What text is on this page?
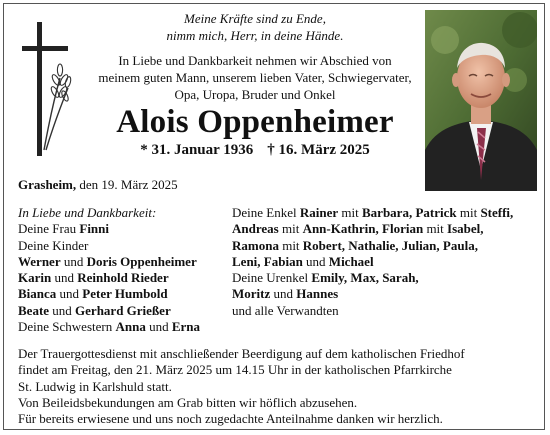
Meine Kräfte sind zu Ende,
nimm mich, Herr, in deine Hände.
In Liebe und Dankbarkeit nehmen wir Abschied von
meinem guten Mann, unserem lieben Vater, Schwiegervater,
Opa, Uropa, Bruder und Onkel
Alois Oppenheimer
* 31. Januar 1936 † 16. März 2025
Grasheim, den 19. März 2025
In Liebe und Dankbarkeit:
Deine Frau Finni
Deine Kinder
Werner und Doris Oppenheimer
Karin und Reinhold Rieder
Bianca und Peter Humbold
Beate und Gerhard Grießer
Deine Schwestern Anna und Erna
Deine Enkel Rainer mit Barbara, Patrick mit Steffi,
Andreas mit Ann-Kathrin, Florian mit Isabel,
Ramona mit Robert, Nathalie, Julian, Paula,
Leni, Fabian und Michael
Deine Urenkel Emily, Max, Sarah,
Moritz und Hannes
und alle Verwandten
Der Trauergottesdienst mit anschließender Beerdigung auf dem katholischen Friedhof
findet am Freitag, den 21. März 2025 um 14.15 Uhr in der katholischen Pfarrkirche
St. Ludwig in Karlshuld statt.
Von Beileidsbekundungen am Grab bitten wir höflich abzusehen.
Für bereits erwiesene und uns noch zugedachte Anteilnahme danken wir herzlich.
